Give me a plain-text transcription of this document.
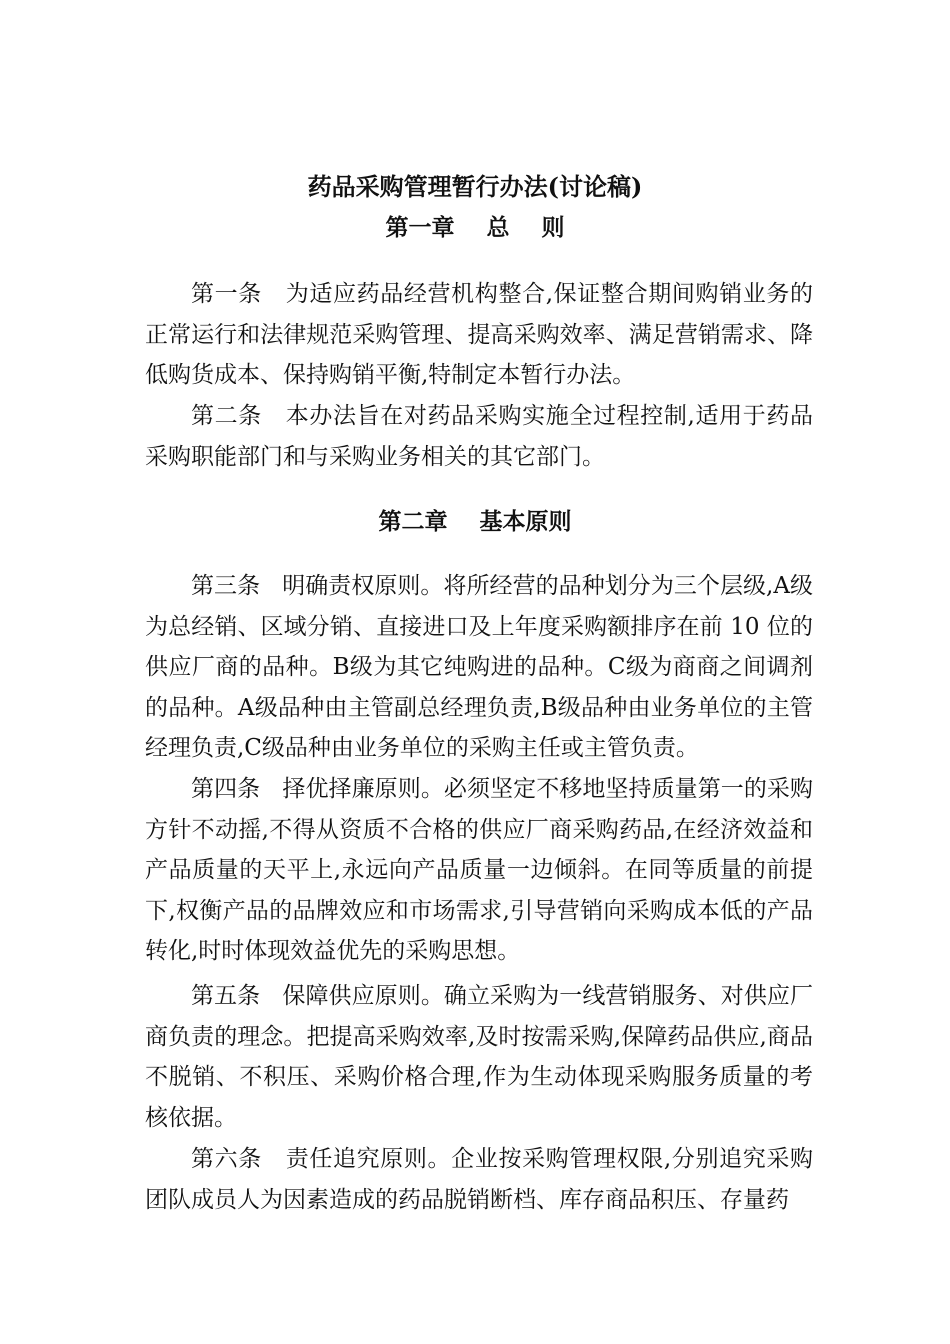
药品采购管理暂行办法(讨论稿)
第一章    总    则

第一条 为适应药品经营机构整合,保证整合期间购销业务的正常运行和法律规范采购管理、提高采购效率、满足营销需求、降低购货成本、保持购销平衡,特制定本暂行办法。

第二条 本办法旨在对药品采购实施全过程控制,适用于药品采购职能部门和与采购业务相关的其它部门。

第二章    基本原则

第三条 明确责权原则。将所经营的品种划分为三个层级,A级为总经销、区域分销、直接进口及上年度采购额排序在前 10 位的供应厂商的品种。B级为其它纯购进的品种。C级为商商之间调剂的品种。A级品种由主管副总经理负责,B级品种由业务单位的主管经理负责,C级品种由业务单位的采购主任或主管负责。

第四条 择优择廉原则。必须坚定不移地坚持质量第一的采购方针不动摇,不得从资质不合格的供应厂商采购药品,在经济效益和产品质量的天平上,永远向产品质量一边倾斜。在同等质量的前提下,权衡产品的品牌效应和市场需求,引导营销向采购成本低的产品转化,时时体现效益优先的采购思想。

第五条 保障供应原则。确立采购为一线营销服务、对供应厂商负责的理念。把提高采购效率,及时按需采购,保障药品供应,商品不脱销、不积压、采购价格合理,作为生动体现采购服务质量的考核依据。

第六条 责任追究原则。企业按采购管理权限,分别追究采购团队成员人为因素造成的药品脱销断档、库存商品积压、存量药
